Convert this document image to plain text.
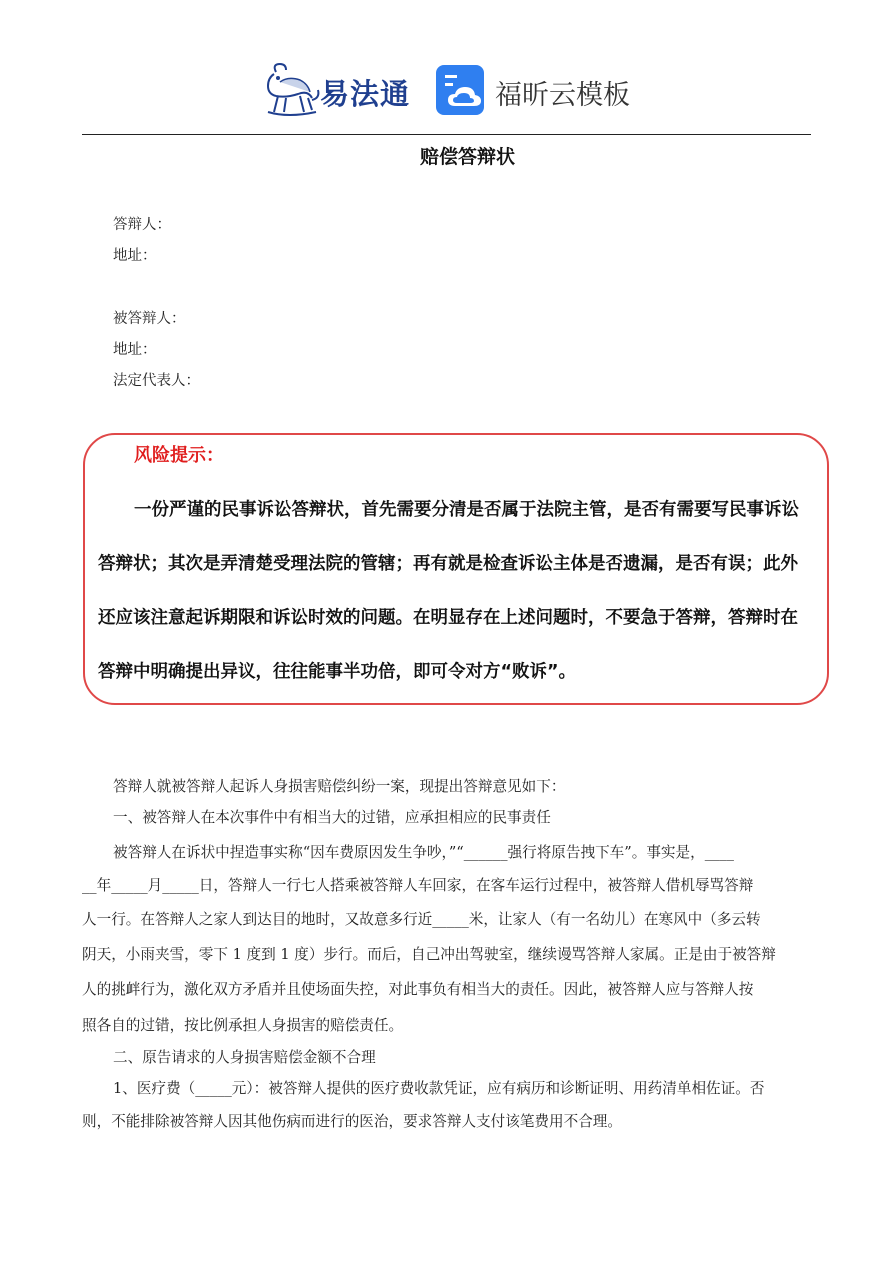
易法通	福昕云模板
赔偿答辩状
答辩人：
地址：
被答辩人：
地址：
法定代表人：
风险提示：
一份严谨的民事诉讼答辩状，首先需要分清是否属于法院主管，是否有需要写民事诉讼
答辩状；其次是弄清楚受理法院的管辖；再有就是检查诉讼主体是否遗漏，是否有误；此外
还应该注意起诉期限和诉讼时效的问题。在明显存在上述问题时，不要急于答辩，答辩时在
答辩中明确提出异议，往往能事半功倍，即可令对方“败诉”。
答辩人就被答辩人起诉人身损害赔偿纠纷一案，现提出答辩意见如下：
一、被答辩人在本次事件中有相当大的过错，应承担相应的民事责任
被答辩人在诉状中捏造事实称“因车费原因发生争吵，”“______强行将原告拽下车”。事实是，____
__年_____月_____日，答辩人一行七人搭乘被答辩人车回家，在客车运行过程中，被答辩人借机辱骂答辩
人一行。在答辩人之家人到达目的地时，又故意多行近_____米，让家人（有一名幼儿）在寒风中（多云转
阴天，小雨夹雪，零下 1 度到 1 度）步行。而后，自己冲出驾驶室，继续谩骂答辩人家属。正是由于被答辩
人的挑衅行为，激化双方矛盾并且使场面失控，对此事负有相当大的责任。因此，被答辩人应与答辩人按
照各自的过错，按比例承担人身损害的赔偿责任。
二、原告请求的人身损害赔偿金额不合理
1、医疗费（_____元）：被答辩人提供的医疗费收款凭证，应有病历和诊断证明、用药清单相佐证。否
则，不能排除被答辩人因其他伤病而进行的医治，要求答辩人支付该笔费用不合理。
